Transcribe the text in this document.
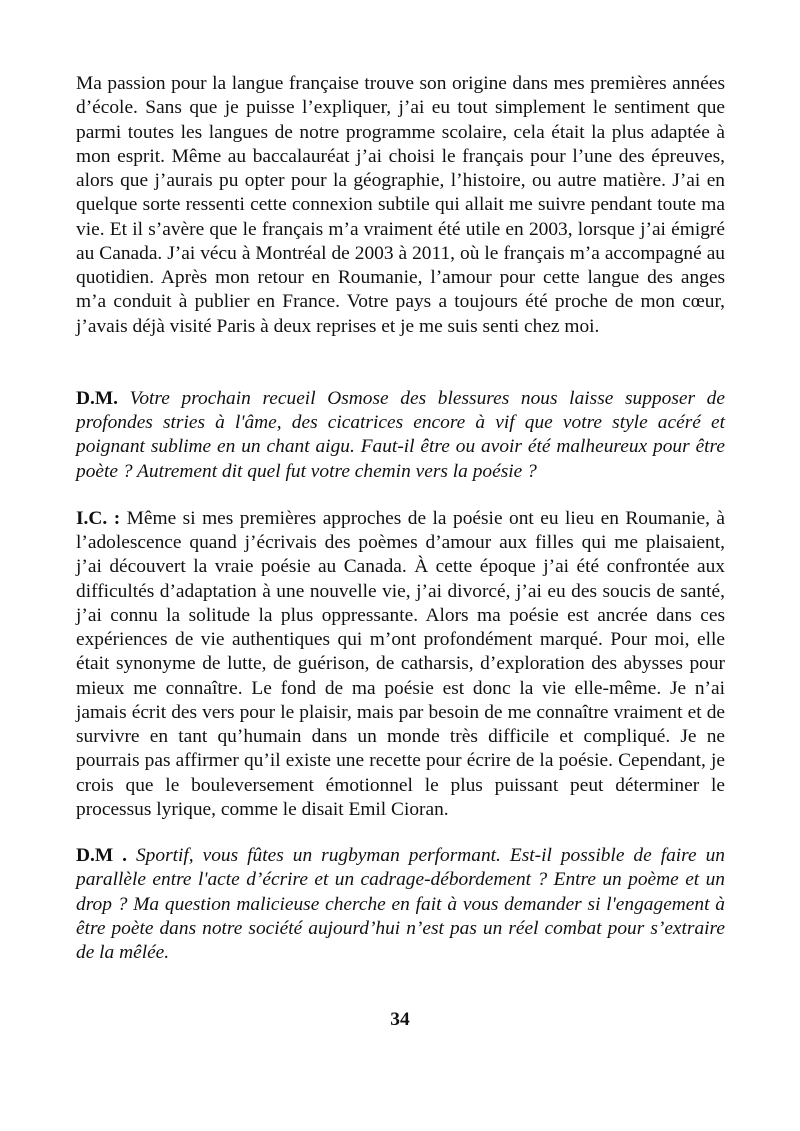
Ma passion pour la langue française trouve son origine dans mes premières années d’école. Sans que je puisse l’expliquer, j’ai eu tout simplement le sentiment que parmi toutes les langues de notre programme scolaire, cela était la plus adaptée à mon esprit. Même au baccalauréat j’ai choisi le français pour l’une des épreuves, alors que j’aurais pu opter pour la géographie, l’histoire, ou autre matière. J’ai en quelque sorte ressenti cette connexion subtile qui allait me suivre pendant toute ma vie. Et il s’avère que le français m’a vraiment été utile en 2003, lorsque j’ai émigré au Canada. J’ai vécu à Montréal de 2003 à 2011, où le français m’a accompagné au quotidien. Après mon retour en Roumanie, l’amour pour cette langue des anges m’a conduit à publier en France. Votre pays a toujours été proche de mon cœur, j’avais déjà visité Paris à deux reprises et je me suis senti chez moi.

D.M. Votre prochain recueil Osmose des blessures nous laisse supposer de profondes stries à l'âme, des cicatrices encore à vif que votre style acéré et poignant sublime en un chant aigu. Faut-il être ou avoir été malheureux pour être poète ? Autrement dit quel fut votre chemin vers la poésie ?

I.C. : Même si mes premières approches de la poésie ont eu lieu en Roumanie, à l’adolescence quand j’écrivais des poèmes d’amour aux filles qui me plaisaient, j’ai découvert la vraie poésie au Canada. À cette époque j’ai été confrontée aux difficultés d’adaptation à une nouvelle vie, j’ai divorcé, j’ai eu des soucis de santé, j’ai connu la solitude la plus oppressante. Alors ma poésie est ancrée dans ces expériences de vie authentiques qui m’ont profondément marqué. Pour moi, elle était synonyme de lutte, de guérison, de catharsis, d’exploration des abysses pour mieux me connaître. Le fond de ma poésie est donc la vie elle-même. Je n’ai jamais écrit des vers pour le plaisir, mais par besoin de me connaître vraiment et de survivre en tant qu’humain dans un monde très difficile et compliqué. Je ne pourrais pas affirmer qu’il existe une recette pour écrire de la poésie. Cependant, je crois que le bouleversement émotionnel le plus puissant peut déterminer le processus lyrique, comme le disait Emil Cioran.

D.M . Sportif, vous fûtes un rugbyman performant. Est-il possible de faire un parallèle entre l'acte d’écrire et un cadrage-débordement ? Entre un poème et un drop ? Ma question malicieuse cherche en fait à vous demander si l'engagement à être poète dans notre société aujourd’hui n’est pas un réel combat pour s’extraire de la mêlée.

34
